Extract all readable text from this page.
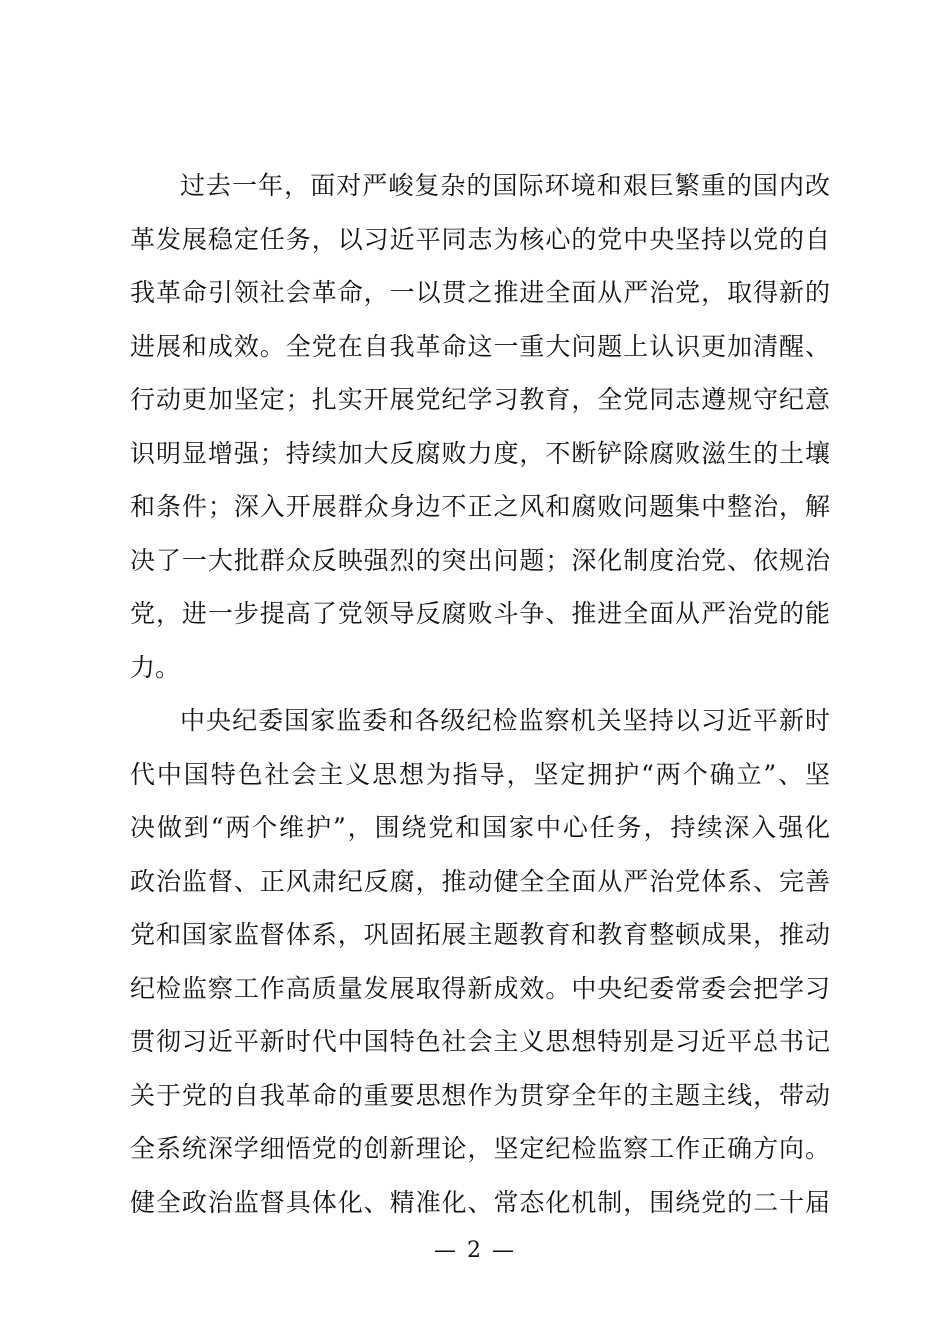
过去一年，面对严峻复杂的国际环境和艰巨繁重的国内改
革发展稳定任务，以习近平同志为核心的党中央坚持以党的自
我革命引领社会革命，一以贯之推进全面从严治党，取得新的
进展和成效。全党在自我革命这一重大问题上认识更加清醒、
行动更加坚定；扎实开展党纪学习教育，全党同志遵规守纪意
识明显增强；持续加大反腐败力度，不断铲除腐败滋生的土壤
和条件；深入开展群众身边不正之风和腐败问题集中整治，解
决了一大批群众反映强烈的突出问题；深化制度治党、依规治
党，进一步提高了党领导反腐败斗争、推进全面从严治党的能
力。
中央纪委国家监委和各级纪检监察机关坚持以习近平新时
代中国特色社会主义思想为指导，坚定拥护“两个确立”、坚
决做到“两个维护”，围绕党和国家中心任务，持续深入强化
政治监督、正风肃纪反腐，推动健全全面从严治党体系、完善
党和国家监督体系，巩固拓展主题教育和教育整顿成果，推动
纪检监察工作高质量发展取得新成效。中央纪委常委会把学习
贯彻习近平新时代中国特色社会主义思想特别是习近平总书记
关于党的自我革命的重要思想作为贯穿全年的主题主线，带动
全系统深学细悟党的创新理论，坚定纪检监察工作正确方向。
健全政治监督具体化、精准化、常态化机制，围绕党的二十届
— 2 —
